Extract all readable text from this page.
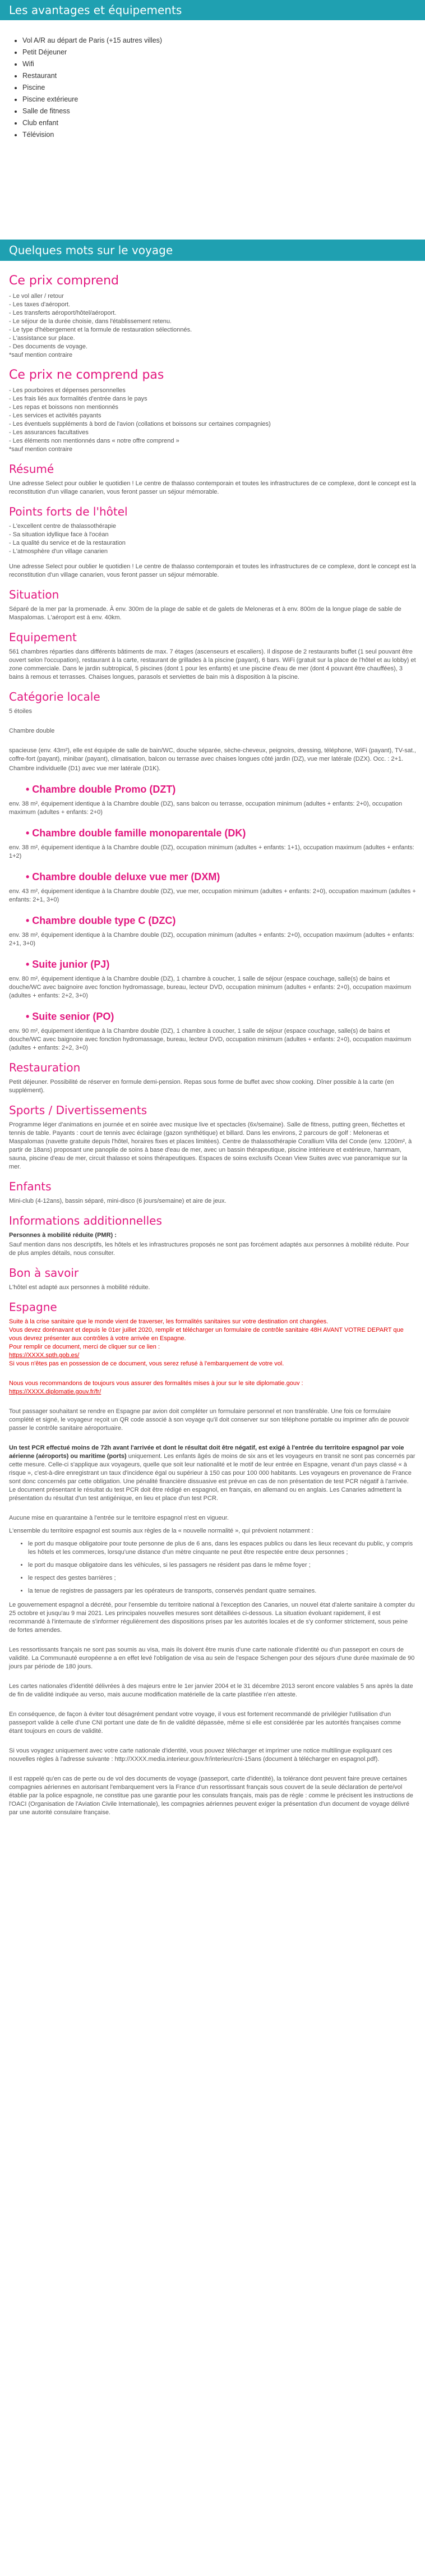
Les avantages et équipements
• Vol A/R au départ de Paris (+15 autres villes)
• Petit Déjeuner
• Wifi
• Restaurant
• Piscine
• Piscine extérieure
• Salle de fitness
• Club enfant
• Télévision
Quelques mots sur le voyage
Ce prix comprend

- Le vol aller / retour

- Les taxes d'aéroport.

- Les transferts aéroport/hôtel/aéroport.

- Le séjour de la durée choisie, dans l'établissement retenu.

- Le type d'hébergement et la formule de restauration sélectionnés.

- L'assistance sur place.

- Des documents de voyage.

*sauf mention contraire

Ce prix ne comprend pas

- Les pourboires et dépenses personnelles

- Les frais liés aux formalités d'entrée dans le pays

- Les repas et boissons non mentionnés

- Les services et activités payants

- Les éventuels suppléments à bord de l'avion (collations et boissons sur certaines compagnies)

- Les assurances facultatives

- Les éléments non mentionnés dans « notre offre comprend »

*sauf mention contraire

Résumé

Une adresse Select pour oublier le quotidien ! Le centre de thalasso contemporain et toutes les infrastructures de ce complexe, dont le concept est la reconstitution d'un village canarien, vous feront passer un séjour mémorable.

Points forts de l'hôtel

- L'excellent centre de thalassothérapie

- Sa situation idyllique face à l'océan

- La qualité du service et de la restauration

- L'atmosphère d'un village canarien

Une adresse Select pour oublier le quotidien ! Le centre de thalasso contemporain et toutes les infrastructures de ce complexe, dont le concept est la reconstitution d'un village canarien, vous feront passer un séjour mémorable.

Situation

Séparé de la mer par la promenade. À env. 300m de la plage de sable et de galets de Meloneras et à env. 800m de la longue plage de sable de Maspalomas. L'aéroport est à env. 40km.

Equipement

561 chambres réparties dans différents bâtiments de max. 7 étages (ascenseurs et escaliers). Il dispose de 2 restaurants buffet (1 seul pouvant être ouvert selon l'occupation), restaurant à la carte, restaurant de grillades à la piscine (payant), 6 bars. WiFi (gratuit sur la place de l'hôtel et au lobby) et zone commerciale. Dans le jardin subtropical, 5 piscines (dont 1 pour les enfants) et une piscine d'eau de mer (dont 4 pouvant être chauffées), 3 bains à remous et terrasses. Chaises longues, parasols et serviettes de bain mis à disposition à la piscine.

Catégorie locale

5 étoiles

Chambre double

spacieuse (env. 43m²), elle est équipée de salle de bain/WC, douche séparée, sèche-cheveux, peignoirs, dressing, téléphone, WiFi (payant), TV-sat., coffre-fort (payant), minibar (payant), climatisation, balcon ou terrasse avec chaises longues côté jardin (DZ), vue mer latérale (DZX). Occ. : 2+1.

Chambre individuelle (D1) avec vue mer latérale (D1K).

• Chambre double Promo (DZT)

env. 38 m², équipement identique à la Chambre double (DZ), sans balcon ou terrasse, occupation minimum (adultes + enfants: 2+0), occupation maximum (adultes + enfants: 2+0)

• Chambre double famille monoparentale (DK)

env. 38 m², équipement identique à la Chambre double (DZ), occupation minimum (adultes + enfants: 1+1), occupation maximum (adultes + enfants: 1+2)

• Chambre double deluxe vue mer (DXM)

env. 43 m², équipement identique à la Chambre double (DZ), vue mer, occupation minimum (adultes + enfants: 2+0), occupation maximum (adultes + enfants: 2+1, 3+0)

• Chambre double type C (DZC)

env. 38 m², équipement identique à la Chambre double (DZ), occupation minimum (adultes + enfants: 2+0), occupation maximum (adultes + enfants: 2+1, 3+0)

• Suite junior (PJ)

env. 80 m², équipement identique à la Chambre double (DZ), 1 chambre à coucher, 1 salle de séjour (espace couchage, salle(s) de bains et douche/WC avec baignoire avec fonction hydromassage, bureau, lecteur DVD, occupation minimum (adultes + enfants: 2+0), occupation maximum (adultes + enfants: 2+2, 3+0)

• Suite senior (PO)

env. 90 m², équipement identique à la Chambre double (DZ), 1 chambre à coucher, 1 salle de séjour (espace couchage, salle(s) de bains et douche/WC avec baignoire avec fonction hydromassage, bureau, lecteur DVD, occupation minimum (adultes + enfants: 2+0), occupation maximum (adultes + enfants: 2+2, 3+0)

Restauration

Petit déjeuner. Possibilité de réserver en formule demi-pension. Repas sous forme de buffet avec show cooking. Dîner possible à la carte (en supplément).

Sports / Divertissements

Programme léger d'animations en journée et en soirée avec musique live et spectacles (6x/semaine). Salle de fitness, putting green, fléchettes et tennis de table. Payants : court de tennis avec éclairage (gazon synthétique) et billard. Dans les environs, 2 parcours de golf : Meloneras et Maspalomas (navette gratuite depuis l'hôtel, horaires fixes et places limitées). Centre de thalassothérapie Corallium Villa del Conde (env. 1200m², à partir de 18ans) proposant une panoplie de soins à base d'eau de mer, avec un bassin thérapeutique, piscine intérieure et extérieure, hammam, sauna, piscine d'eau de mer, circuit thalasso et soins thérapeutiques. Espaces de soins exclusifs Ocean View Suites avec vue panoramique sur la mer.

Enfants

Mini-club (4-12ans), bassin séparé, mini-disco (6 jours/semaine) et aire de jeux.

Informations additionnelles

Personnes à mobilité réduite (PMR) :

Sauf mention dans nos descriptifs, les hôtels et les infrastructures proposés ne sont pas forcément adaptés aux personnes à mobilité réduite. Pour de plus amples détails, nous consulter.

Bon à savoir

L'hôtel est adapté aux personnes à mobilité réduite.

Espagne

Suite à la crise sanitaire que le monde vient de traverser, les formalités sanitaires sur votre destination ont changées.

Vous devez dorénavant et depuis le 01er juillet 2020, remplir et télécharger un formulaire de contrôle sanitaire 48H AVANT VOTRE DEPART que vous devrez présenter aux contrôles à votre arrivée en Espagne.

Pour remplir ce document, merci de cliquer sur ce lien :

https://XXXX.spth.gob.es/

Si vous n'êtes pas en possession de ce document, vous serez refusé à l'embarquement de votre vol.

Nous vous recommandons de toujours vous assurer des formalités mises à jour sur le site diplomatie.gouv :

https://XXXX.diplomatie.gouv.fr/fr/

Tout passager souhaitant se rendre en Espagne par avion doit compléter un formulaire personnel et non transférable. Une fois ce formulaire complété et signé, le voyageur reçoit un QR code associé à son voyage qu'il doit conserver sur son téléphone portable ou imprimer afin de pouvoir passer le contrôle sanitaire aéroportuaire.

Un test PCR effectué moins de 72h avant l'arrivée et dont le résultat doit être négatif, est exigé à l'entrée du territoire espagnol par voie aérienne (aéroports) ou maritime (ports) uniquement. Les enfants âgés de moins de six ans et les voyageurs en transit ne sont pas concernés par cette mesure. Celle-ci s'applique aux voyageurs, quelle que soit leur nationalité et le motif de leur entrée en Espagne, venant d'un pays classé « à risque », c'est-à-dire enregistrant un taux d'incidence égal ou supérieur à 150 cas pour 100 000 habitants. Les voyageurs en provenance de France sont donc concernés par cette obligation. Une pénalité financière dissuasive est prévue en cas de non présentation de test PCR négatif à l'arrivée. Le document présentant le résultat du test PCR doit être rédigé en espagnol, en français, en allemand ou en anglais. Les Canaries admettent la présentation du résultat d'un test antigénique, en lieu et place d'un test PCR.

Aucune mise en quarantaine à l'entrée sur le territoire espagnol n'est en vigueur.

L'ensemble du territoire espagnol est soumis aux règles de la « nouvelle normalité », qui prévoient notamment :

• le port du masque obligatoire pour toute personne de plus de 6 ans, dans les espaces publics ou dans les lieux recevant du public, y compris les hôtels et les commerces, lorsqu'une distance d'un mètre cinquante ne peut être respectée entre deux personnes ;
• le port du masque obligatoire dans les véhicules, si les passagers ne résident pas dans le même foyer ;
• le respect des gestes barrières ;
• la tenue de registres de passagers par les opérateurs de transports, conservés pendant quatre semaines.

Le gouvernement espagnol a décrété, pour l'ensemble du territoire national à l'exception des Canaries, un nouvel état d'alerte sanitaire à compter du 25 octobre et jusqu'au 9 mai 2021. Les principales nouvelles mesures sont détaillées ci-dessous. La situation évoluant rapidement, il est recommandé à l'internaute de s'informer régulièrement des dispositions prises par les autorités locales et de s'y conformer strictement, sous peine de fortes amendes.

Les ressortissants français ne sont pas soumis au visa, mais ils doivent être munis d'une carte nationale d'identité ou d'un passeport en cours de validité. La Communauté européenne a en effet levé l'obligation de visa au sein de l'espace Schengen pour des séjours d'une durée maximale de 90 jours par période de 180 jours.

Les cartes nationales d'identité délivrées à des majeurs entre le 1er janvier 2004 et le 31 décembre 2013 seront encore valables 5 ans après la date de fin de validité indiquée au verso, mais aucune modification matérielle de la carte plastifiée n'en atteste.

En conséquence, de façon à éviter tout désagrément pendant votre voyage, il vous est fortement recommandé de privilégier l'utilisation d'un passeport valide à celle d'une CNI portant une date de fin de validité dépassée, même si elle est considérée par les autorités françaises comme étant toujours en cours de validité.

Si vous voyagez uniquement avec votre carte nationale d'identité, vous pouvez télécharger et imprimer une notice multilingue expliquant ces nouvelles règles à l'adresse suivante : http://XXXX.media.interieur.gouv.fr/interieur/cni-15ans (document à télécharger en espagnol.pdf).

Il est rappelé qu'en cas de perte ou de vol des documents de voyage (passeport, carte d'identité), la tolérance dont peuvent faire preuve certaines compagnies aériennes en autorisant l'embarquement vers la France d'un ressortissant français sous couvert de la seule déclaration de perte/vol établie par la police espagnole, ne constitue pas une garantie pour les consulats français, mais pas de règle : comme le précisent les instructions de l'OACI (Organisation de l'Aviation Civile Internationale), les compagnies aériennes peuvent exiger la présentation d'un document de voyage délivré par une autorité consulaire française.
